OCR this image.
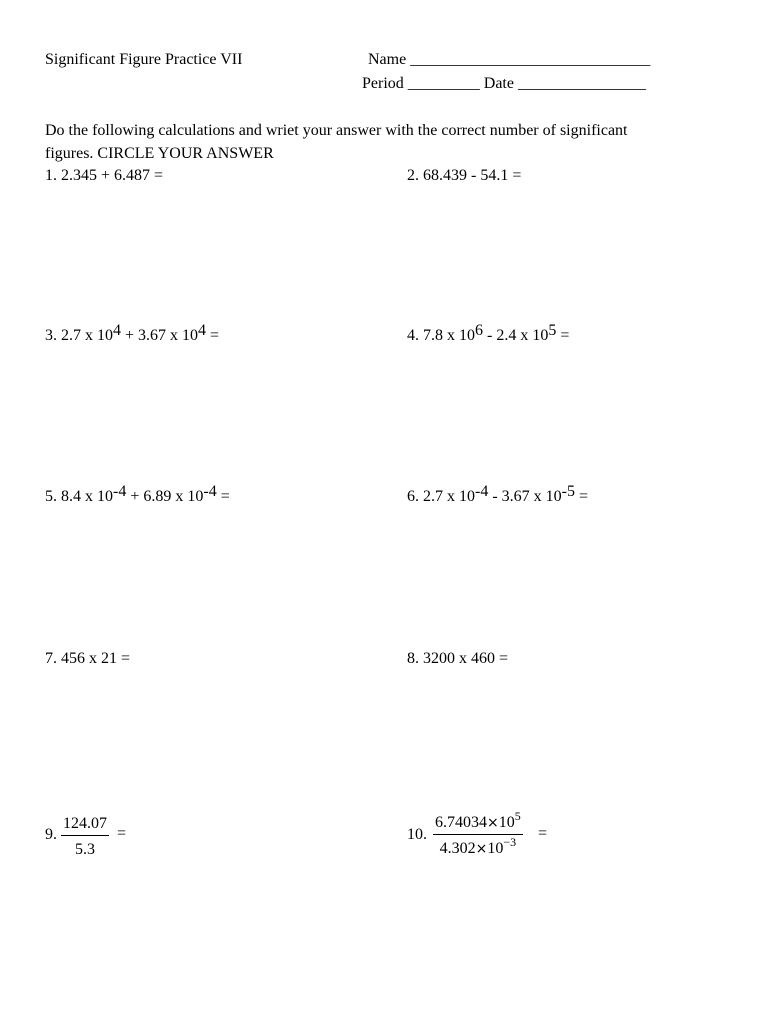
Significant Figure Practice VII	Name ______________________________
Period _________ Date ________________
Do the following calculations and wriet your answer with the correct number of significant
figures. CIRCLE YOUR ANSWER
1. 2.345 + 6.487 =	2. 68.439 - 54.1 =
3. 2.7 x 104 + 3.67 x 104 =	4. 7.8 x 106 - 2.4 x 105 =
5. 8.4 x 10-4 + 6.89 x 10-4 =	6. 2.7 x 10-4 - 3.67 x 10-5 =
7. 456 x 21 =	8. 3200 x 460 =
9. $\frac{124.07}{5.3}$ =	10. $\frac{6.74034\times 10^5}{4.302\times 10^{-3}}$ =
